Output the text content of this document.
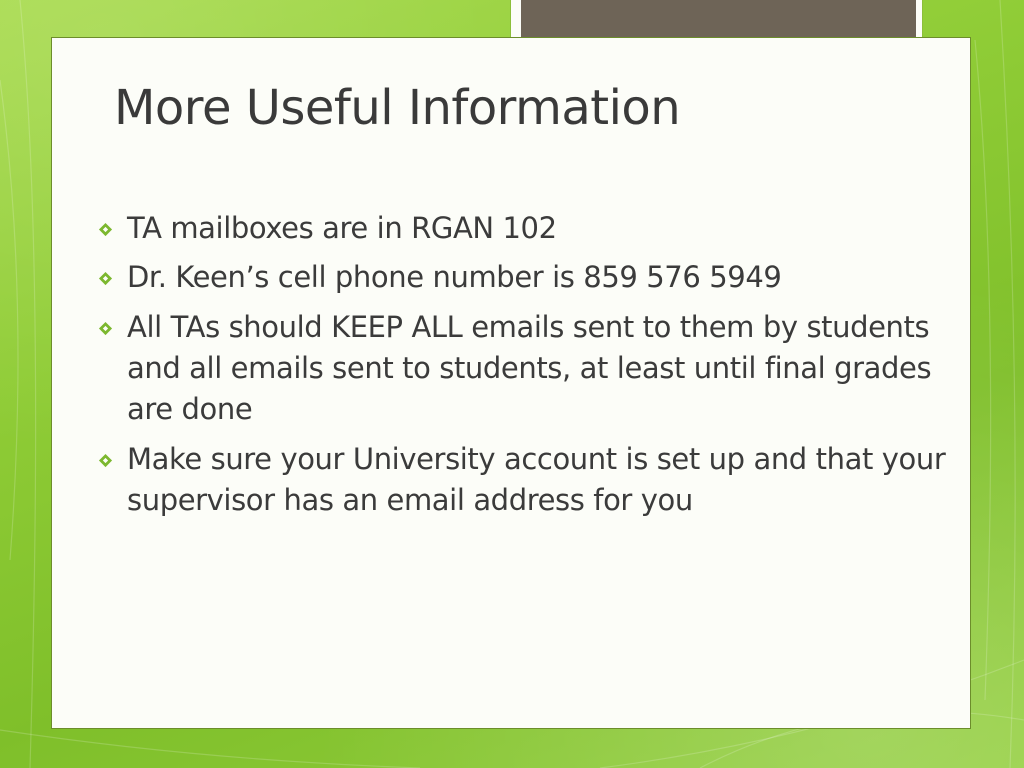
More Useful Information
TA mailboxes are in RGAN 102
Dr. Keen’s cell phone number is 859 576 5949
All TAs should KEEP ALL emails sent to them by students and all emails sent to students, at least until final grades are done
Make sure your University account is set up and that your supervisor has an email address for you
